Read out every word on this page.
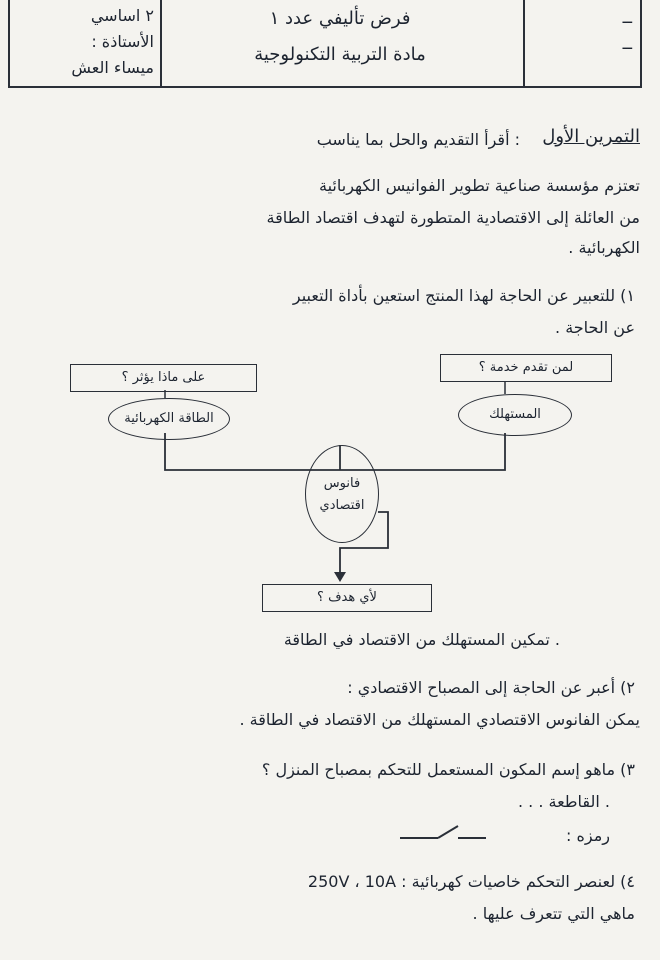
٢ اساسي
الأستاذة :
ميساء العش
فرض تأليفي عدد ١
مادة التربية التكنولوجية
ــ
ــ
التمرين الأول
: أقرأ التقديم والحل بما يناسب
تعتزم مؤسسة صناعية تطوير الفوانيس الكهربائية
من العائلة إلى الاقتصادية المتطورة لتهدف اقتصاد الطاقة
الكهربائية .
١) للتعبير عن الحاجة لهذا المنتج استعين بأداة التعبير
عن الحاجة .
لمن تقدم خدمة ؟
على ماذا يؤثر ؟
المستهلك
الطاقة الكهربائية
فانوس
اقتصادي
لأي هدف ؟
. تمكين المستهلك من الاقتصاد في الطاقة
٢) أعبر عن الحاجة إلى المصباح الاقتصادي :
يمكن الفانوس الاقتصادي المستهلك من الاقتصاد في الطاقة .
٣) ماهو إسم المكون المستعمل للتحكم بمصباح المنزل ؟
. القاطعة . . .
رمزه :
٤) لعنصر التحكم خاصيات كهربائية : 250V ، 10A
ماهي التي تتعرف عليها .
